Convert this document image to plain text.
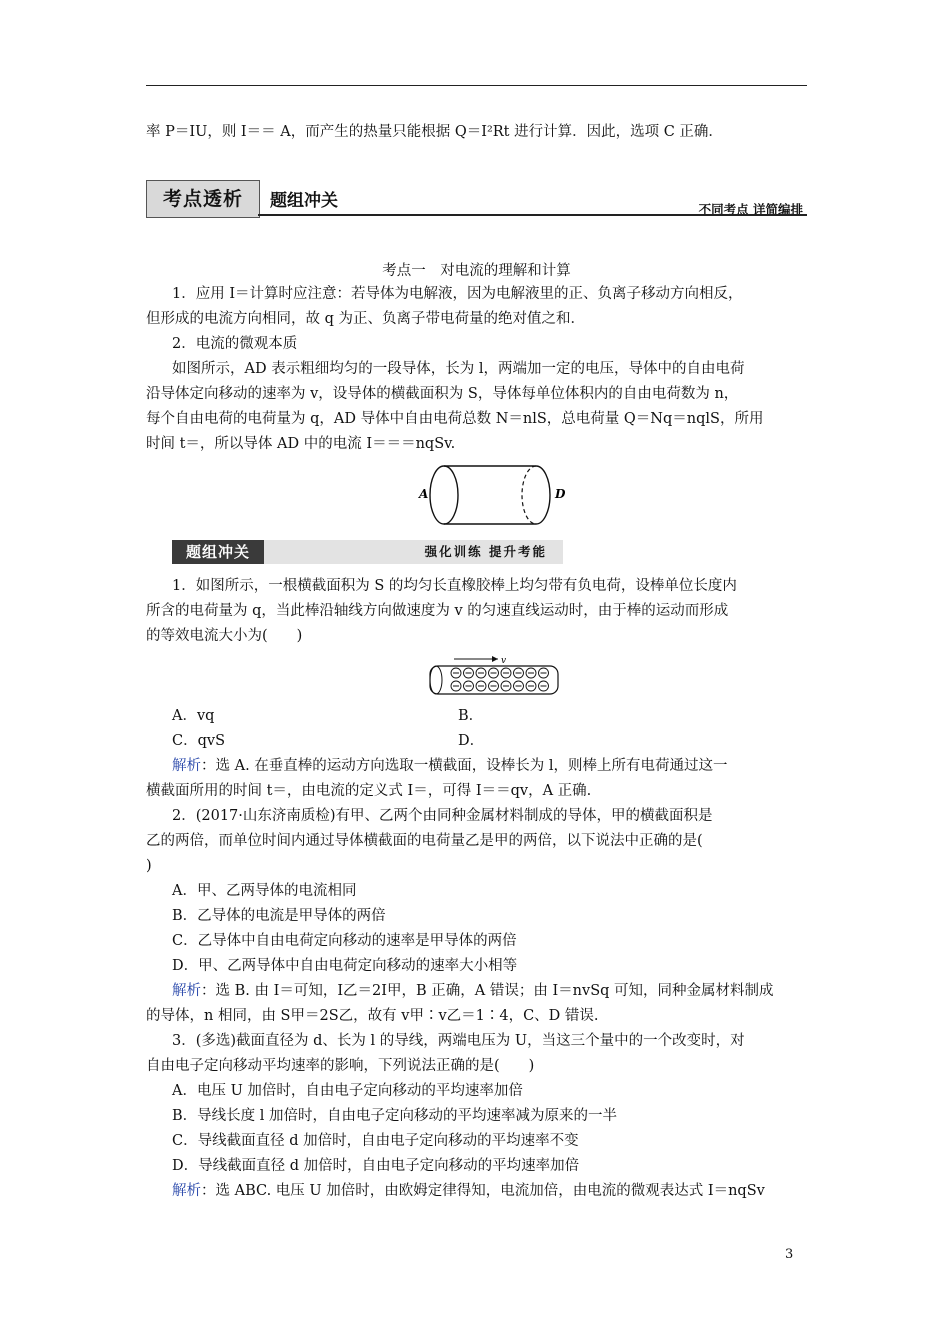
率 P＝IU，则 I＝＝ A，而产生的热量只能根据 Q＝I²Rt 进行计算．因此，选项 C 正确．
考点透析	题组冲关	不同考点 详简编排
考点一　对电流的理解和计算
1．应用 I＝计算时应注意：若导体为电解液，因为电解液里的正、负离子移动方向相反，
但形成的电流方向相同，故 q 为正、负离子带电荷量的绝对值之和．
2．电流的微观本质
如图所示，AD 表示粗细均匀的一段导体，长为 l，两端加一定的电压，导体中的自由电荷
沿导体定向移动的速率为 v，设导体的横截面积为 S，导体每单位体积内的自由电荷数为 n，
每个自由电荷的电荷量为 q，AD 导体中自由电荷总数 N＝nlS，总电荷量 Q＝Nq＝nqlS，所用
时间 t＝，所以导体 AD 中的电流 I＝＝＝nqSv.
A	D
题组冲关	强化训练 提升考能
1．如图所示，一根横截面积为 S 的均匀长直橡胶棒上均匀带有负电荷，设棒单位长度内
所含的电荷量为 q，当此棒沿轴线方向做速度为 v 的匀速直线运动时，由于棒的运动而形成
的等效电流大小为(　　)
v
A．vq	B．
C．qvS	D．
解析：选 A. 在垂直棒的运动方向选取一横截面，设棒长为 l，则棒上所有电荷通过这一
横截面所用的时间 t＝，由电流的定义式 I＝，可得 I＝＝qv，A 正确.
2．(2017·山东济南质检)有甲、乙两个由同种金属材料制成的导体，甲的横截面积是
乙的两倍，而单位时间内通过导体横截面的电荷量乙是甲的两倍，以下说法中正确的是(
)
A．甲、乙两导体的电流相同
B．乙导体的电流是甲导体的两倍
C．乙导体中自由电荷定向移动的速率是甲导体的两倍
D．甲、乙两导体中自由电荷定向移动的速率大小相等
解析：选 B. 由 I＝可知，I乙＝2I甲，B 正确，A 错误；由 I＝nvSq 可知，同种金属材料制成
的导体，n 相同，由 S甲＝2S乙，故有 v甲∶v乙＝1∶4，C、D 错误.
3．(多选)截面直径为 d、长为 l 的导线，两端电压为 U，当这三个量中的一个改变时，对
自由电子定向移动平均速率的影响，下列说法正确的是(　　)
A．电压 U 加倍时，自由电子定向移动的平均速率加倍
B．导线长度 l 加倍时，自由电子定向移动的平均速率减为原来的一半
C．导线截面直径 d 加倍时，自由电子定向移动的平均速率不变
D．导线截面直径 d 加倍时，自由电子定向移动的平均速率加倍
解析：选 ABC. 电压 U 加倍时，由欧姆定律得知，电流加倍，由电流的微观表达式 I＝nqSv
3
